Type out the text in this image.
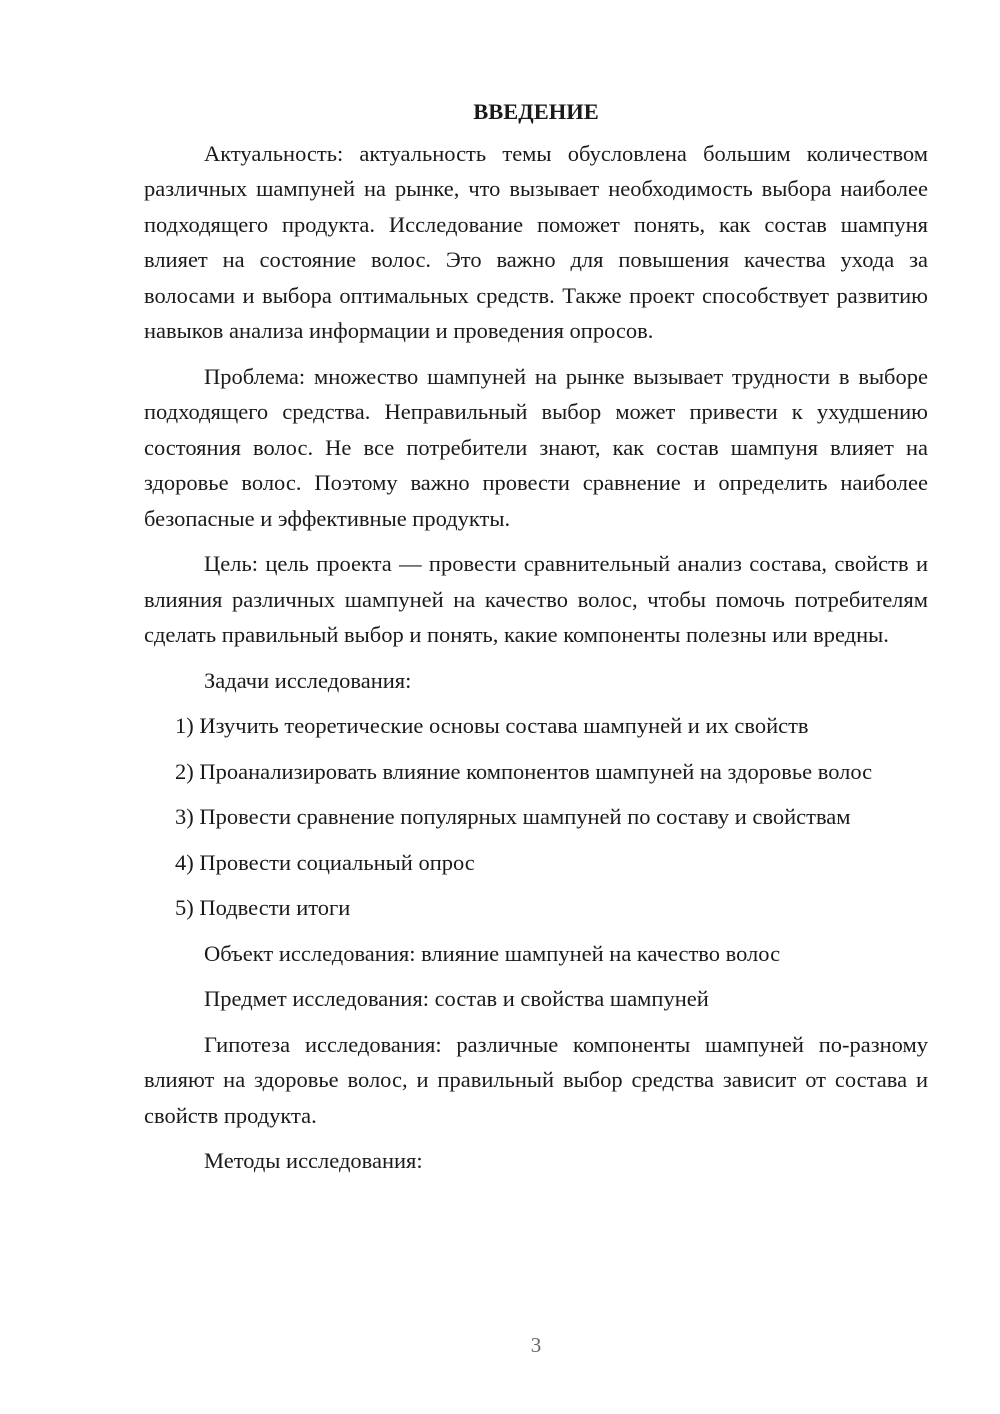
ВВЕДЕНИЕ

Актуальность: актуальность темы обусловлена большим количеством различных шампуней на рынке, что вызывает необходимость выбора наиболее подходящего продукта. Исследование поможет понять, как состав шампуня влияет на состояние волос. Это важно для повышения качества ухода за волосами и выбора оптимальных средств. Также проект способствует развитию навыков анализа информации и проведения опросов.

Проблема: множество шампуней на рынке вызывает трудности в выборе подходящего средства. Неправильный выбор может привести к ухудшению состояния волос. Не все потребители знают, как состав шампуня влияет на здоровье волос. Поэтому важно провести сравнение и определить наиболее безопасные и эффективные продукты.

Цель: цель проекта — провести сравнительный анализ состава, свойств и влияния различных шампуней на качество волос, чтобы помочь потребителям сделать правильный выбор и понять, какие компоненты полезны или вредны.

Задачи исследования:

1) Изучить теоретические основы состава шампуней и их свойств

2) Проанализировать влияние компонентов шампуней на здоровье волос

3) Провести сравнение популярных шампуней по составу и свойствам

4) Провести социальный опрос

5) Подвести итоги

Объект исследования: влияние шампуней на качество волос

Предмет исследования: состав и свойства шампуней

Гипотеза исследования: различные компоненты шампуней по-разному влияют на здоровье волос, и правильный выбор средства зависит от состава и свойств продукта.

Методы исследования:

3
